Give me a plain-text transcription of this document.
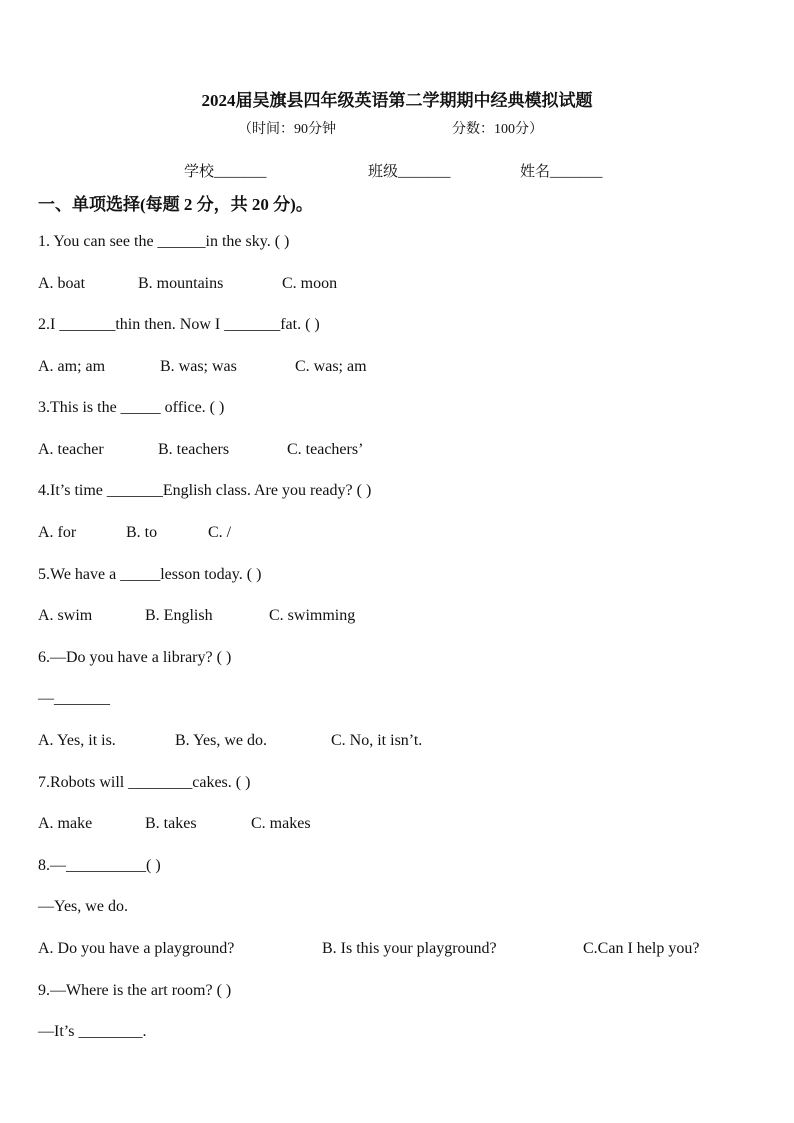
2024届吴旗县四年级英语第二学期期中经典模拟试题
（时间：90分钟	分数：100分）
学校_______	班级_______	姓名_______
一、单项选择(每题 2 分，共 20 分)。
1. You can see the ______in the sky. ( )
A. boat	B. mountains	C. moon
2.I _______thin then. Now I _______fat. ( )
A. am; am	B. was; was	C. was; am
3.This is the _____ office. ( )
A. teacher	B. teachers	C. teachers’
4.It’s time _______English class. Are you ready? ( )
A. for	B. to	C. /
5.We have a _____lesson today. ( )
A. swim	B. English	C. swimming
6.—Do you have a library? ( )
—_______
A. Yes, it is.	B. Yes, we do.	C. No, it isn’t.
7.Robots will ________cakes. ( )
A. make	B. takes	C. makes
8.—__________( )
—Yes, we do.
A. Do you have a playground?	B. Is this your playground?	C.Can I help you?
9.—Where is the art room? ( )
—It’s ________.
